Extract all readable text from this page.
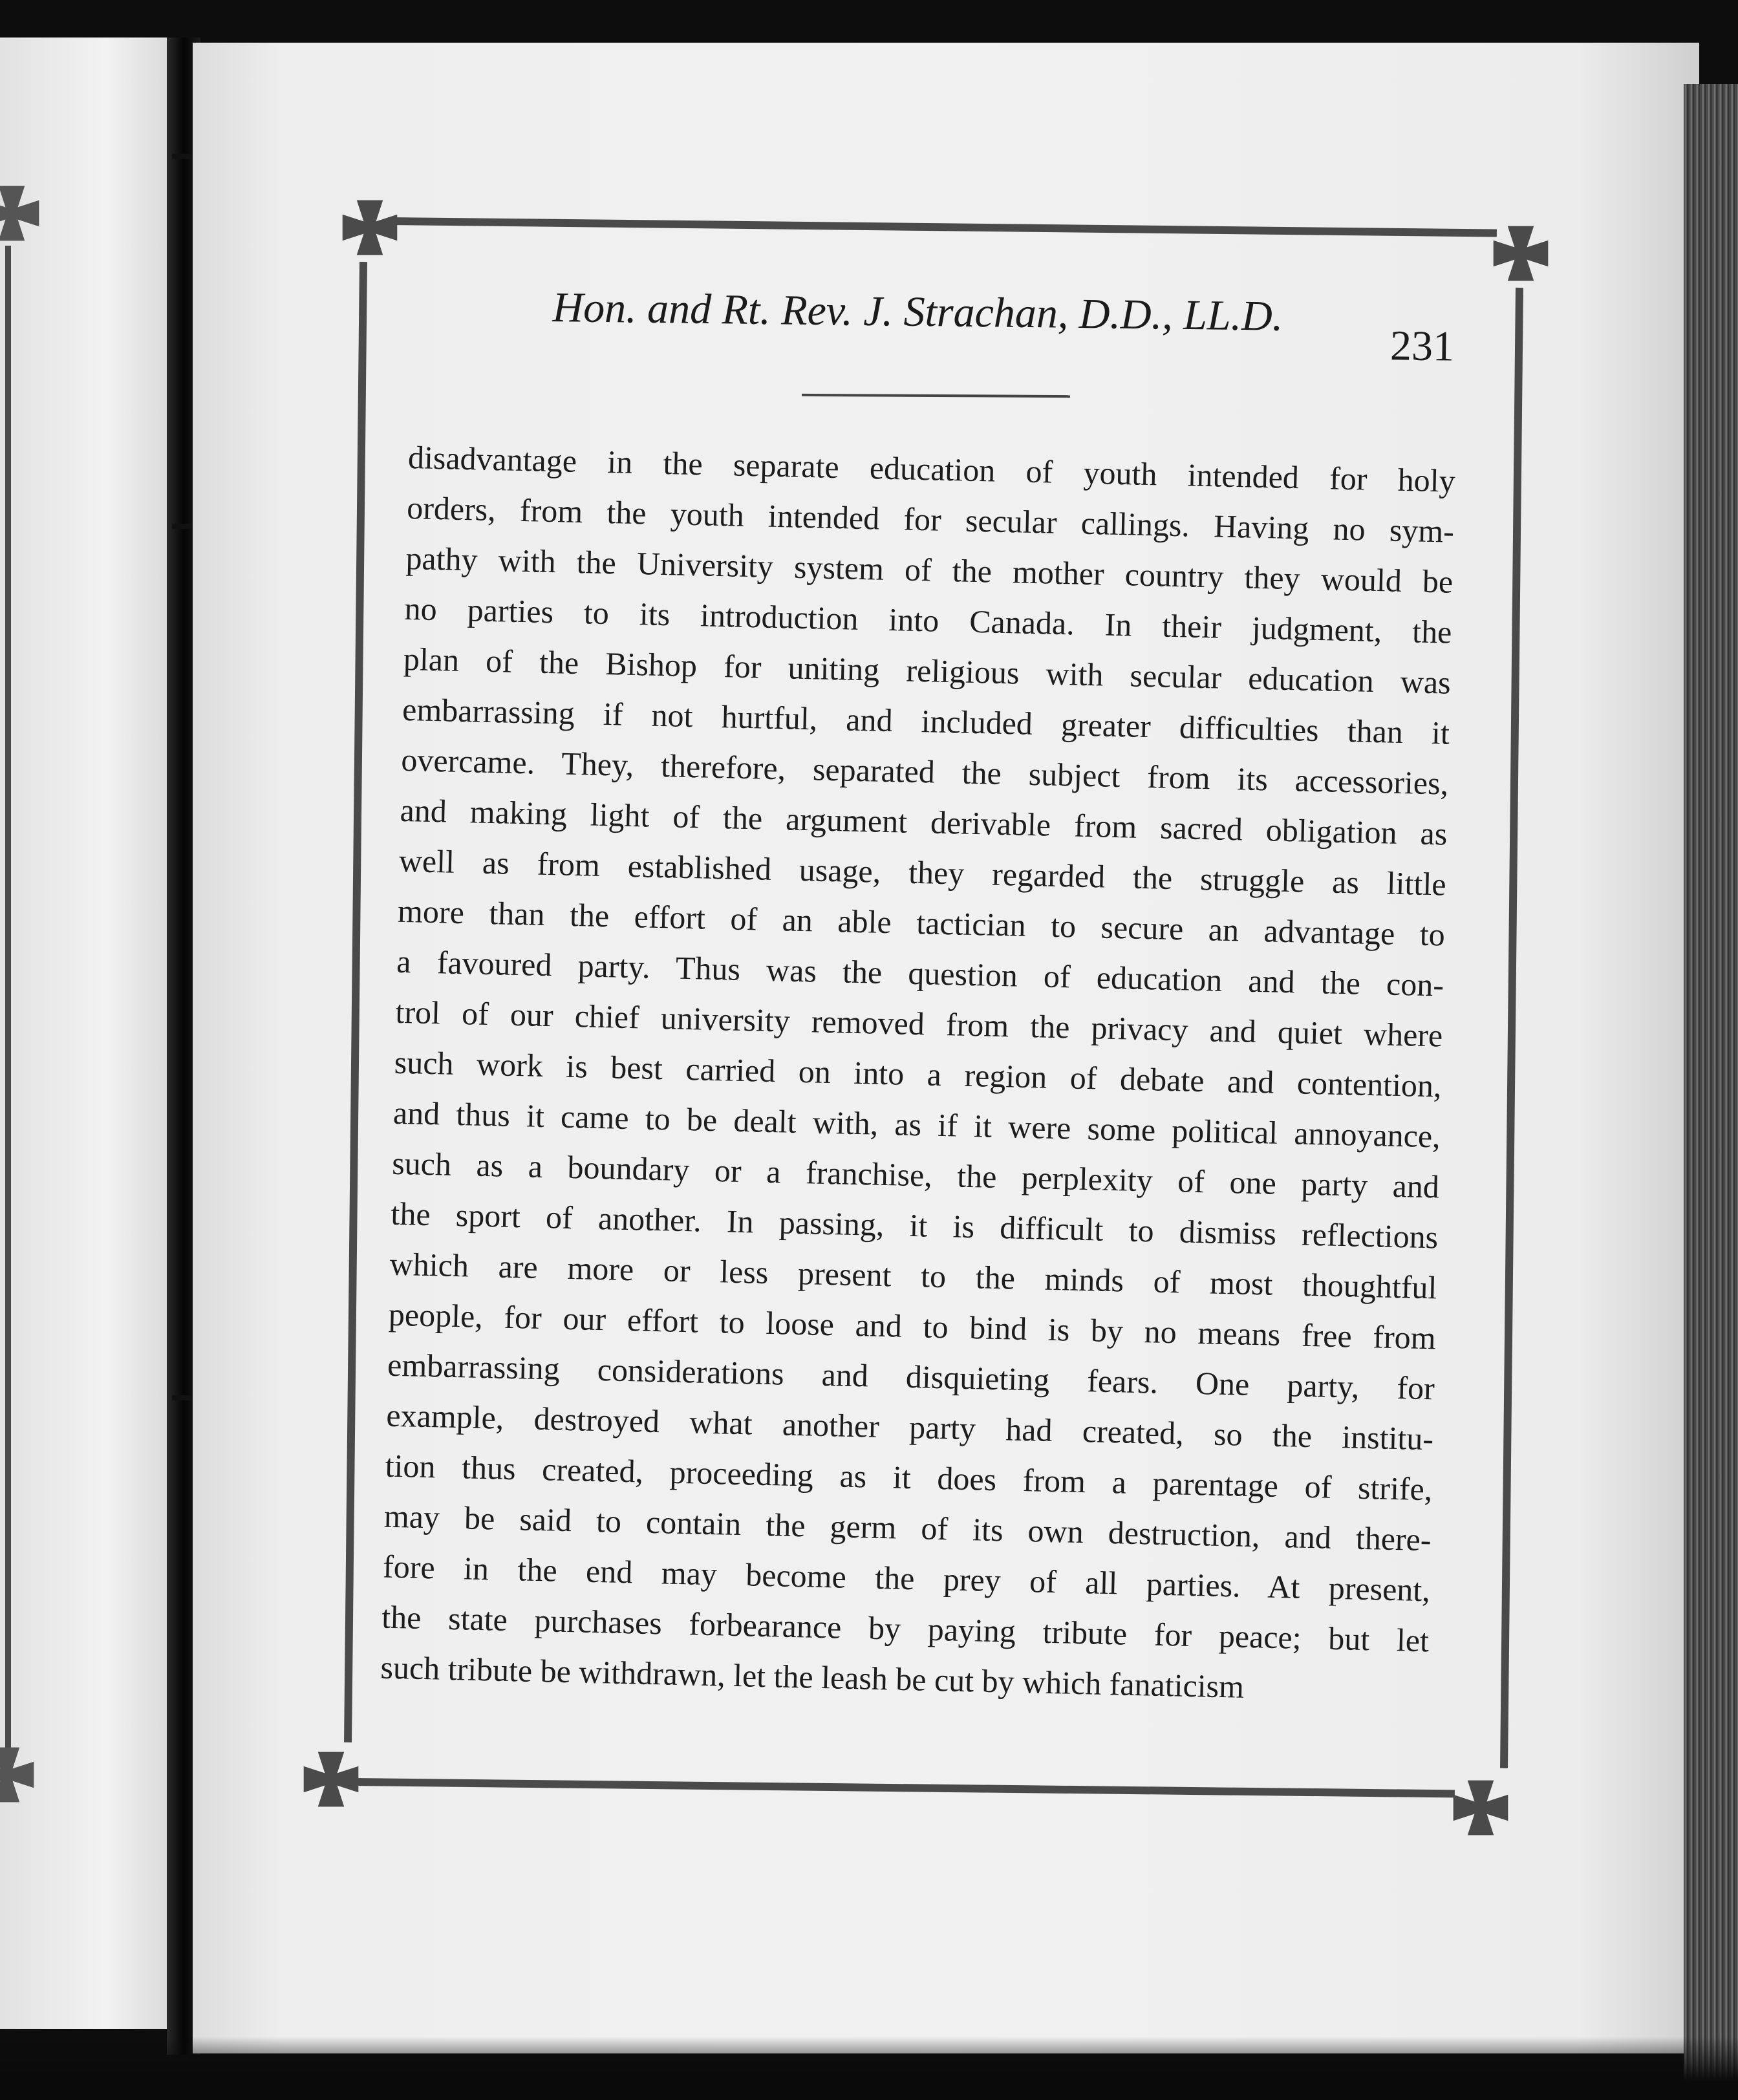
Hon. and Rt. Rev. J. Strachan, D.D., LL.D.
231
disadvantage in the separate education of youth intended for holy
orders, from the youth intended for secular callings. Having no sym-
pathy with the University system of the mother country they would be
no parties to its introduction into Canada. In their judgment, the
plan of the Bishop for uniting religious with secular education was
embarrassing if not hurtful, and included greater difficulties than it
overcame. They, therefore, separated the subject from its accessories,
and making light of the argument derivable from sacred obligation as
well as from established usage, they regarded the struggle as little
more than the effort of an able tactician to secure an advantage to
a favoured party. Thus was the question of education and the con-
trol of our chief university removed from the privacy and quiet where
such work is best carried on into a region of debate and contention,
and thus it came to be dealt with, as if it were some political annoyance,
such as a boundary or a franchise, the perplexity of one party and
the sport of another. In passing, it is difficult to dismiss reflections
which are more or less present to the minds of most thoughtful
people, for our effort to loose and to bind is by no means free from
embarrassing considerations and disquieting fears. One party, for
example, destroyed what another party had created, so the institu-
tion thus created, proceeding as it does from a parentage of strife,
may be said to contain the germ of its own destruction, and there-
fore in the end may become the prey of all parties. At present,
the state purchases forbearance by paying tribute for peace; but let
such tribute be withdrawn, let the leash be cut by which fanaticism
